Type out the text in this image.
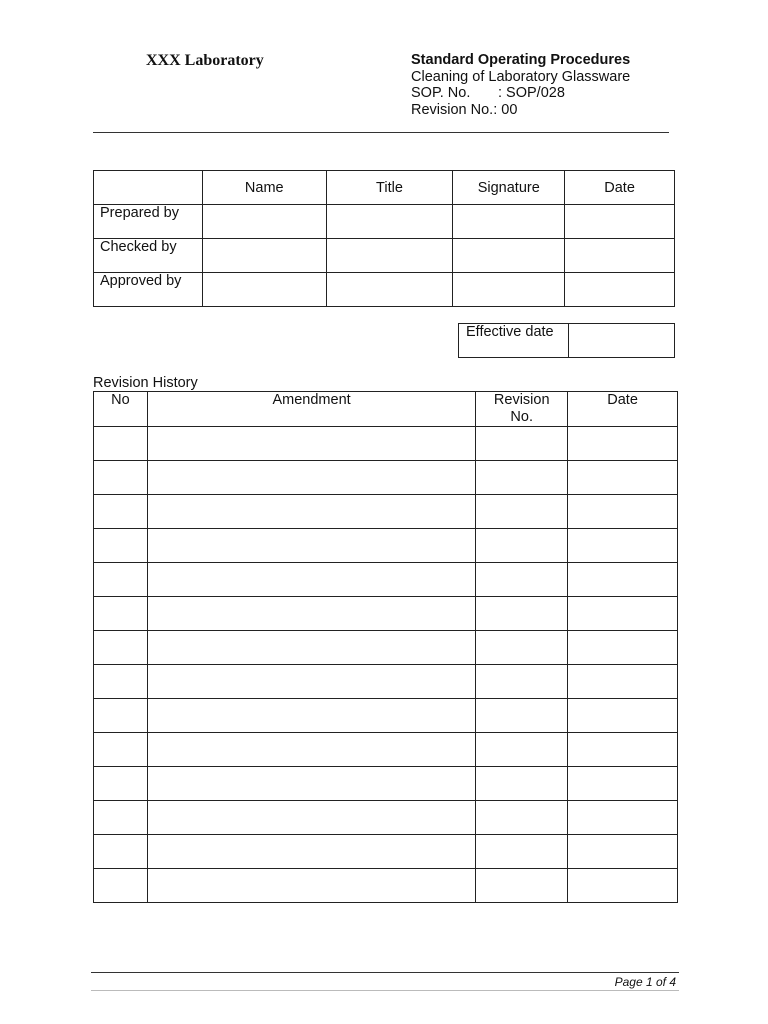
XXX Laboratory	Standard Operating Procedures
Cleaning of Laboratory Glassware
SOP. No. : SOP/028
Revision No.: 00
	Name	Title	Signature	Date
Prepared by				
Checked by				
Approved by				
Effective date	
Revision History
No	Amendment	Revision No.	Date

Page 1 of 4
